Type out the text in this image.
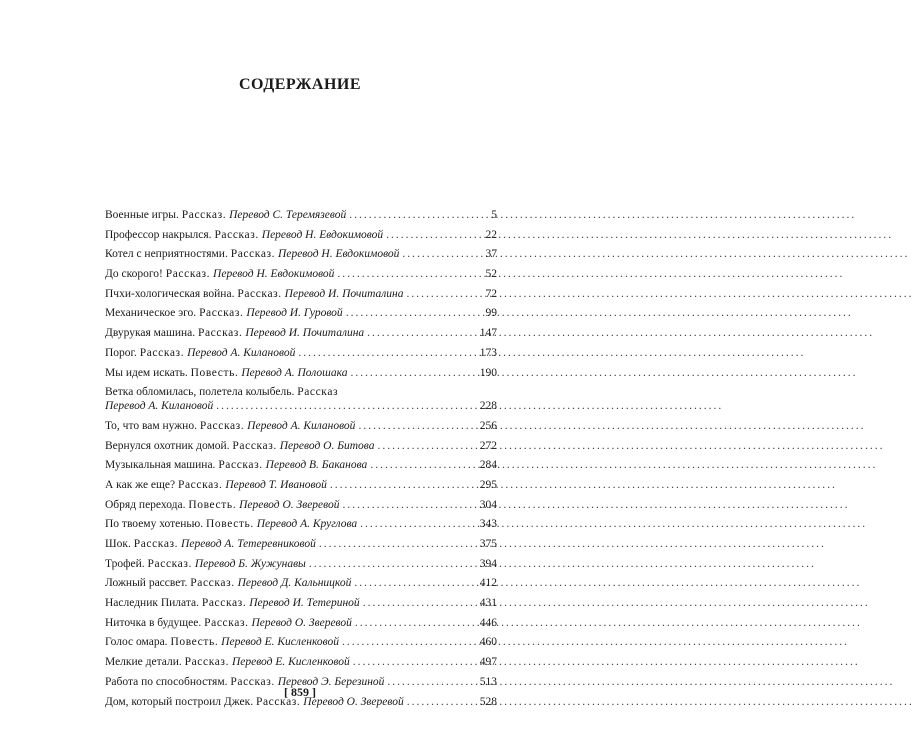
СОДЕРЖАНИЕ
Военные игры. Рассказ. Перевод С. Теремязевой .....	5
Профессор накрылся. Рассказ. Перевод Н. Евдокимовой .....	22
Котел с неприятностями. Рассказ. Перевод Н. Евдокимовой .....	37
До скорого! Рассказ. Перевод Н. Евдокимовой .....	52
Пчхи-хологическая война. Рассказ. Перевод И. Почиталина .....	72
Механическое эго. Рассказ. Перевод И. Гуровой .....	99
Двурукая машина. Рассказ. Перевод И. Почиталина .....	147
Порог. Рассказ. Перевод А. Килановой .....	173
Мы идем искать. Повесть. Перевод А. Полошака .....	190
Ветка обломилась, полетела колыбель. Рассказ
Перевод А. Килановой .....	228
То, что вам нужно. Рассказ. Перевод А. Килановой .....	256
Вернулся охотник домой. Рассказ. Перевод О. Битова .....	272
Музыкальная машина. Рассказ. Перевод В. Баканова .....	284
А как же еще? Рассказ. Перевод Т. Ивановой .....	295
Обряд перехода. Повесть. Перевод О. Зверевой .....	304
По твоему хотенью. Повесть. Перевод А. Круглова .....	343
Шок. Рассказ. Перевод А. Тетеревниковой .....	375
Трофей. Рассказ. Перевод Б. Жужунавы .....	394
Ложный рассвет. Рассказ. Перевод Д. Кальницкой .....	412
Наследник Пилата. Рассказ. Перевод И. Тетериной .....	431
Ниточка в будущее. Рассказ. Перевод О. Зверевой .....	446
Голос омара. Повесть. Перевод Е. Кисленковой .....	460
Мелкие детали. Рассказ. Перевод Е. Кисленковой .....	497
Работа по способностям. Рассказ. Перевод Э. Березиной .....	513
Дом, который построил Джек. Рассказ. Перевод О. Зверевой .....	528
[ 859 ]
